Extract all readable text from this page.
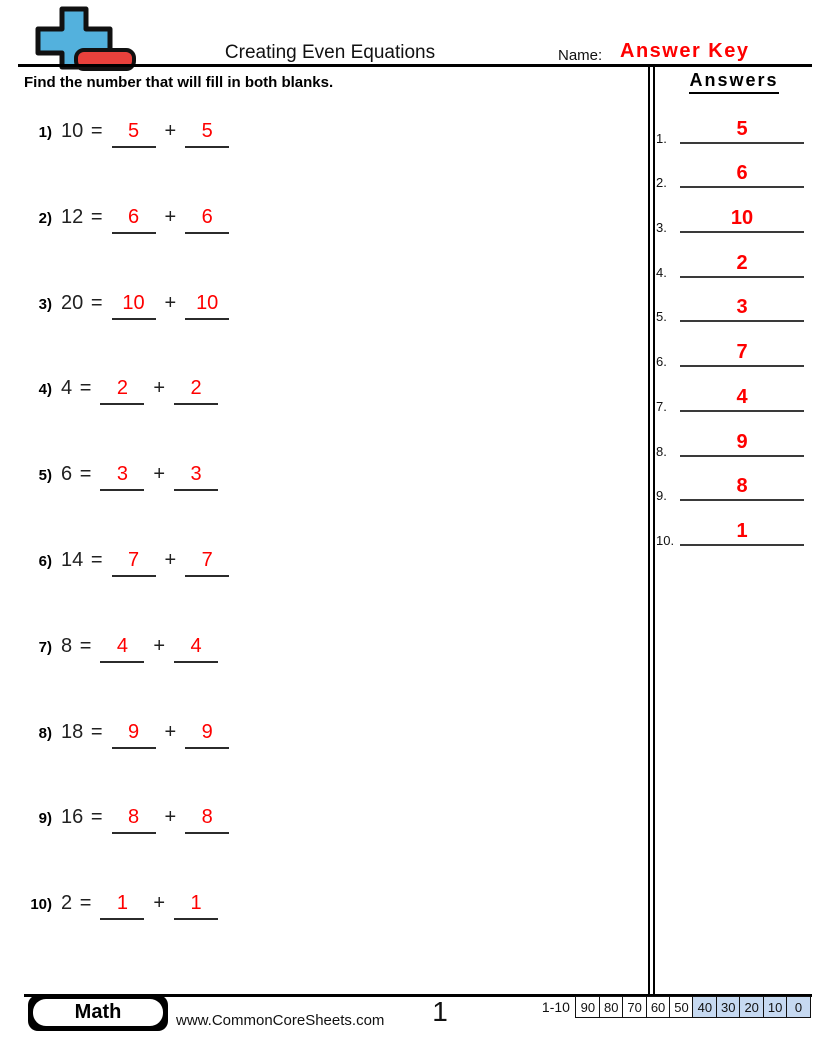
Creating Even Equations	Name: Answer Key
Find the number that will fill in both blanks.
1) 10 = 5 + 5
2) 12 = 6 + 6
3) 20 = 10 + 10
4) 4 = 2 + 2
5) 6 = 3 + 3
6) 14 = 7 + 7
7) 8 = 4 + 4
8) 18 = 9 + 9
9) 16 = 8 + 8
10) 2 = 1 + 1
Answers
1.	5
2.	6
3.	10
4.	2
5.	3
6.	7
7.	4
8.	9
9.	8
10.	1
Math	www.CommonCoreSheets.com	1	1-10 90 80 70 60 50 40 30 20 10 0
